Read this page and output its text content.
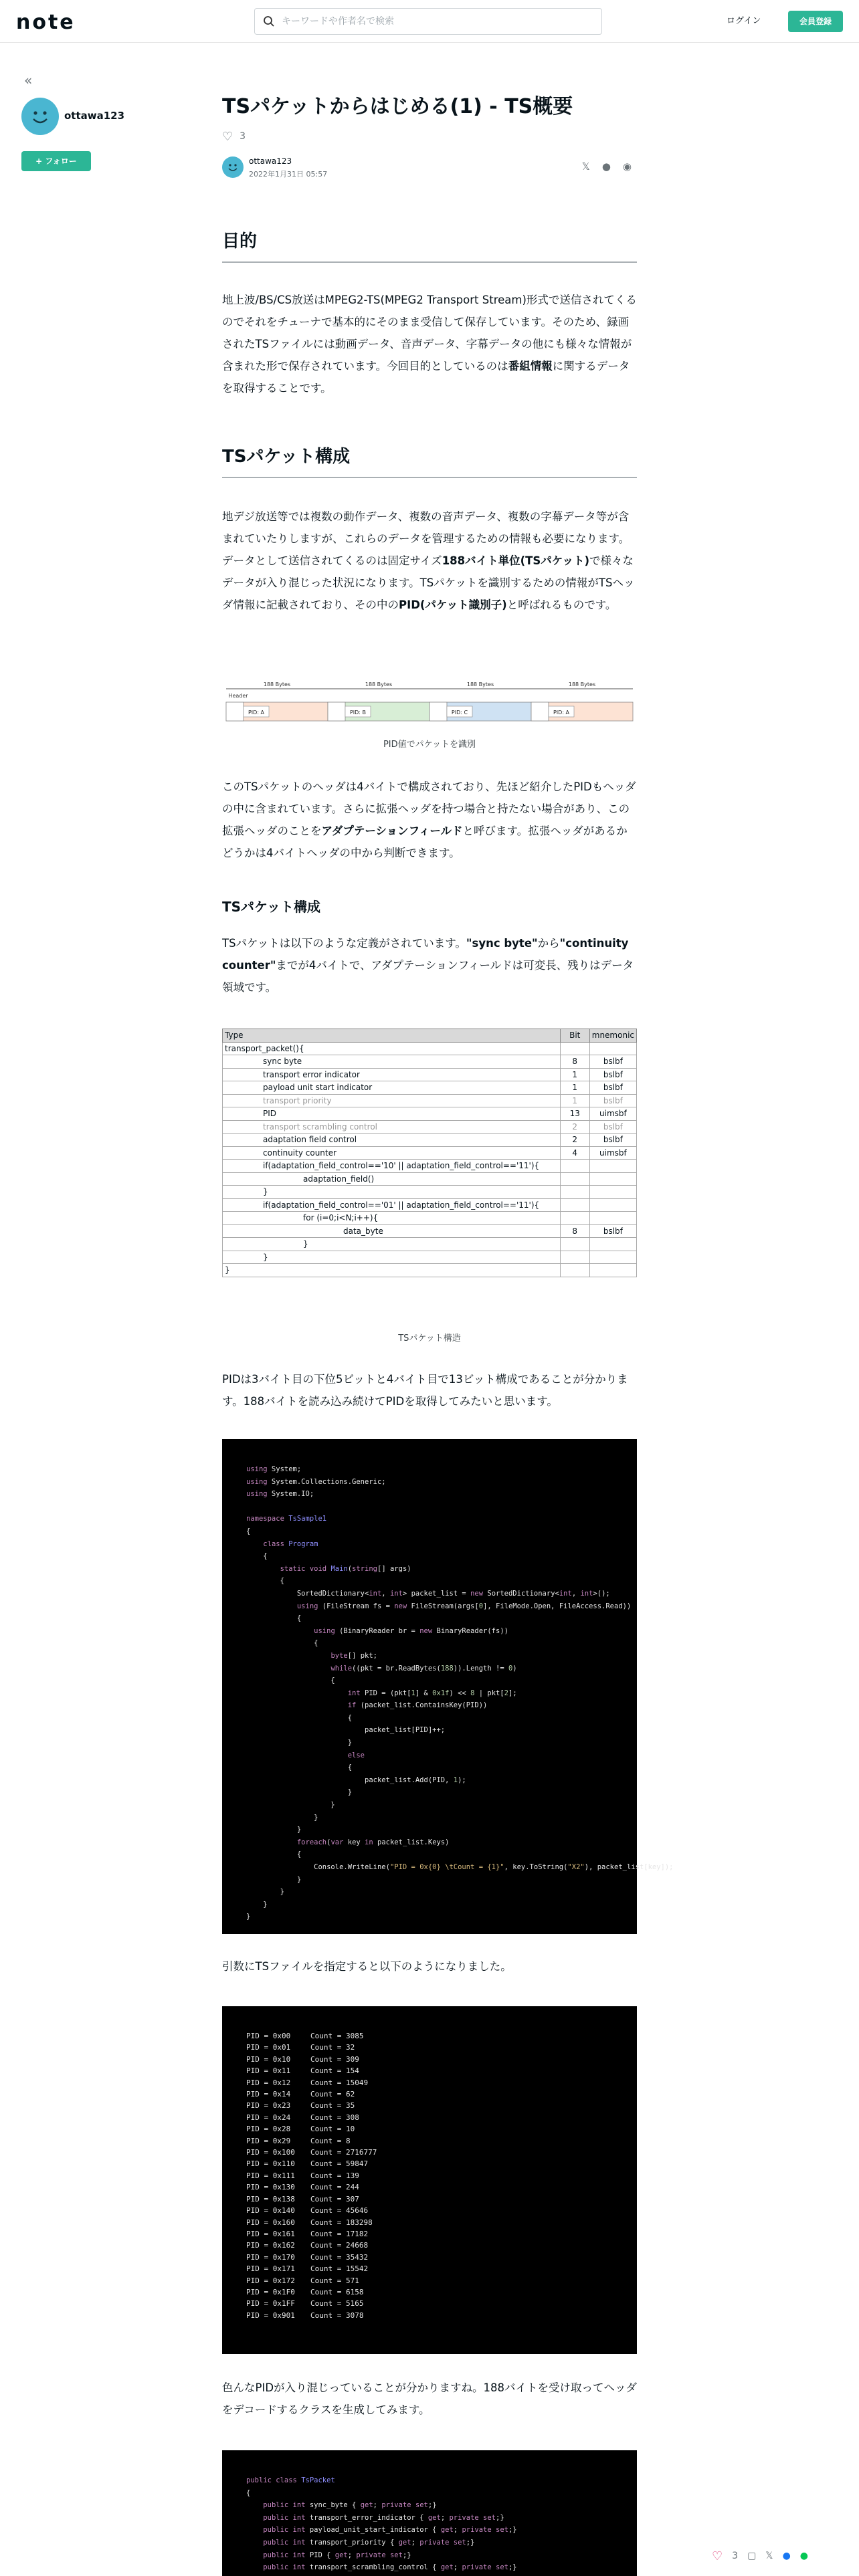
note
キーワードや作者名で検索	ログイン	会員登録
«
ottawa123
+ フォロー
TSパケットからはじめる(1) - TS概要
♡ 3
ottawa123
2022年1月31日 05:57
𝕏 ● ◉
目的

地上波/BS/CS放送はMPEG2-TS(MPEG2 Transport Stream)形式で送信されてくるのでそれをチューナで基本的にそのまま受信して保存しています。そのため、録画されたTSファイルには動画データ、音声データ、字幕データの他にも様々な情報が含まれた形で保存されています。今回目的としているのは番組情報に関するデータを取得することです。

TSパケット構成

地デジ放送等では複数の動作データ、複数の音声データ、複数の字幕データ等が含まれていたりしますが、これらのデータを管理するための情報も必要になります。データとして送信されてくるのは固定サイズ188バイト単位(TSパケット)で様々なデータが入り混じった状況になります。TSパケットを識別するための情報がTSヘッダ情報に記載されており、その中のPID(パケット識別子)と呼ばれるものです。

188 Bytes
PID: A
Header
188 Bytes
PID: B
188 Bytes
PID: C
188 Bytes
PID: A
PID値でパケットを識別

このTSパケットのヘッダは4バイトで構成されており、先ほど紹介したPIDもヘッダの中に含まれています。さらに拡張ヘッダを持つ場合と持たない場合があり、この拡張ヘッダのことをアダプテーションフィールドと呼びます。拡張ヘッダがあるかどうかは4バイトヘッダの中から判断できます。

TSパケット構成

TSパケットは以下のような定義がされています。"sync byte"から"continuity counter"までが4バイトで、アダプテーションフィールドは可変長、残りはデータ領域です。

Type	Bit	mnemonic
transport_packet(){		
sync byte	8	bslbf
transport error indicator	1	bslbf
payload unit start indicator	1	bslbf
transport priority	1	bslbf
PID	13	uimsbf
transport scrambling control	2	bslbf
adaptation field control	2	bslbf
continuity counter	4	uimsbf
if(adaptation_field_control=='10' || adaptation_field_control=='11'){		
adaptation_field()		
}		
if(adaptation_field_control=='01' || adaptation_field_control=='11'){		
for (i=0;i<N;i++){		
data_byte	8	bslbf
}		
}		
}		
TSパケット構造

PIDは3バイト目の下位5ビットと4バイト目で13ビット構成であることが分かります。188バイトを読み込み続けてPIDを取得してみたいと思います。

using System;
using System.Collections.Generic;
using System.IO;

namespace TsSample1
{
class Program
{
static void Main(string[] args)
{
SortedDictionary<int, int> packet_list = new SortedDictionary<int, int>();
using (FileStream fs = new FileStream(args[0], FileMode.Open, FileAccess.Read))
{
using (BinaryReader br = new BinaryReader(fs))
{
byte[] pkt;
while((pkt = br.ReadBytes(188)).Length != 0)
{
int PID = (pkt[1] & 0x1f) << 8 | pkt[2];
if (packet_list.ContainsKey(PID))
{
packet_list[PID]++;
}
else
{
packet_list.Add(PID, 1);
}
}
}
}
foreach(var key in packet_list.Keys)
{
Console.WriteLine("PID = 0x{0} \tCount = {1}", key.ToString("X2"), packet_list[key]);
}
}
}
}

引数にTSファイルを指定すると以下のようになりました。

PID = 0x00	Count = 3085
PID = 0x01	Count = 32
PID = 0x10	Count = 309
PID = 0x11	Count = 154
PID = 0x12	Count = 15049
PID = 0x14	Count = 62
PID = 0x23	Count = 35
PID = 0x24	Count = 308
PID = 0x28	Count = 10
PID = 0x29	Count = 8
PID = 0x100 Count = 2716777
PID = 0x110 Count = 59847
PID = 0x111 Count = 139
PID = 0x130 Count = 244
PID = 0x138 Count = 307
PID = 0x140 Count = 45646
PID = 0x160 Count = 183298
PID = 0x161 Count = 17182
PID = 0x162 Count = 24668
PID = 0x170 Count = 35432
PID = 0x171 Count = 15542
PID = 0x172 Count = 571
PID = 0x1F0 Count = 6158
PID = 0x1FF Count = 5165
PID = 0x901 Count = 3078

色んなPIDが入り混じっていることが分かりますね。188バイトを受け取ってヘッダをデコードするクラスを生成してみます。

public class TsPacket
{
public int sync_byte { get; private set;}
public int transport_error_indicator { get; private set;}
public int payload_unit_start_indicator { get; private set;}
public int transport_priority { get; private set;}
public int PID { get; private set;}
public int transport_scrambling_control { get; private set;}
♡ 3 ▢ 𝕏 ● ●
